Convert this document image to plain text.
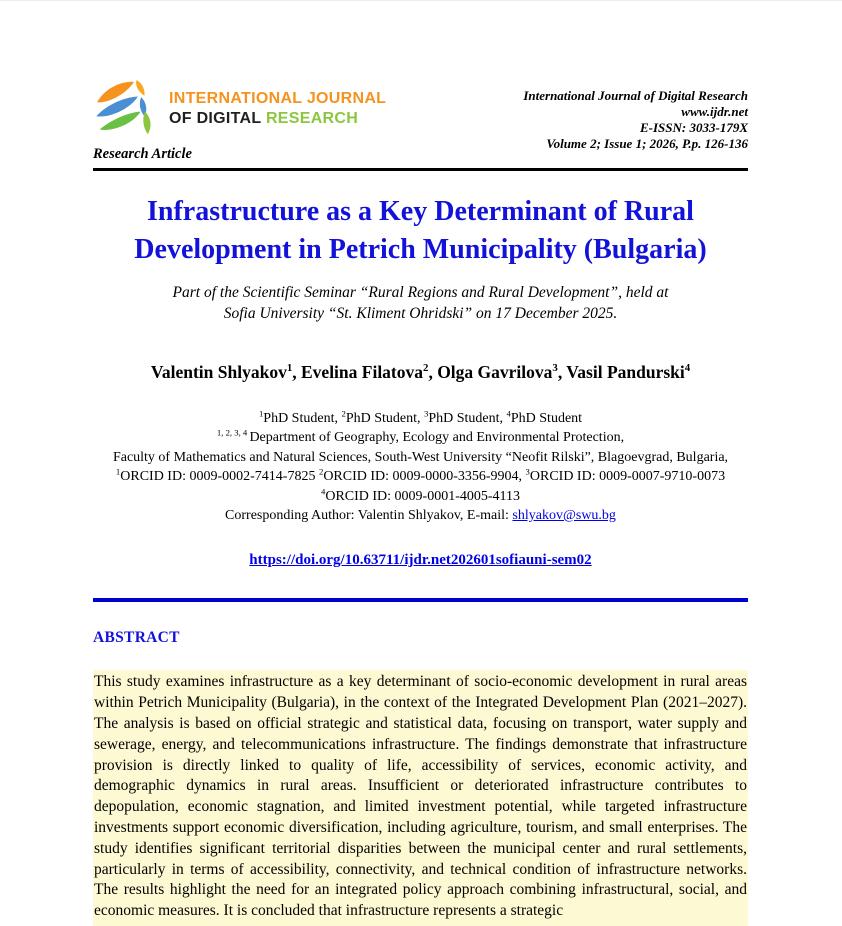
INTERNATIONAL JOURNAL
OF DIGITAL RESEARCH
International Journal of Digital Research
www.ijdr.net
E-ISSN: 3033-179X
Volume 2; Issue 1; 2026, P.p. 126-136
Research Article
Infrastructure as a Key Determinant of Rural
Development in Petrich Municipality (Bulgaria)
Part of the Scientific Seminar “Rural Regions and Rural Development”, held at
Sofia University “St. Kliment Ohridski” on 17 December 2025.
Valentin Shlyakov$^1$, Evelina Filatova$^2$, Olga Gavrilova$^3$, Vasil Pandurski$^4$
$^1$PhD Student, $^2$PhD Student, $^3$PhD Student, $^4$PhD Student
$^{1, 2, 3, 4}$ Department of Geography, Ecology and Environmental Protection,
Faculty of Mathematics and Natural Sciences, South-West University “Neofit Rilski”, Blagoevgrad, Bulgaria,
$^1$ORCID ID: 0009-0002-7414-7825 $^2$ORCID ID: 0009-0000-3356-9904, $^3$ORCID ID: 0009-0007-9710-0073
$^4$ORCID ID: 0009-0001-4005-4113
Corresponding Author: Valentin Shlyakov, E-mail: shlyakov@swu.bg
https://doi.org/10.63711/ijdr.net202601sofiauni-sem02
ABSTRACT

This study examines infrastructure as a key determinant of socio-economic development in rural areas within Petrich Municipality (Bulgaria), in the context of the Integrated Development Plan (2021–2027). The analysis is based on official strategic and statistical data, focusing on transport, water supply and sewerage, energy, and telecommunications infrastructure. The findings demonstrate that infrastructure provision is directly linked to quality of life, accessibility of services, economic activity, and demographic dynamics in rural areas. Insufficient or deteriorated infrastructure contributes to depopulation, economic stagnation, and limited investment potential, while targeted infrastructure investments support economic diversification, including agriculture, tourism, and small enterprises. The study identifies significant territorial disparities between the municipal center and rural settlements, particularly in terms of accessibility, connectivity, and technical condition of infrastructure networks. The results highlight the need for an integrated policy approach combining infrastructural, social, and economic measures. It is concluded that infrastructure represents a strategic
